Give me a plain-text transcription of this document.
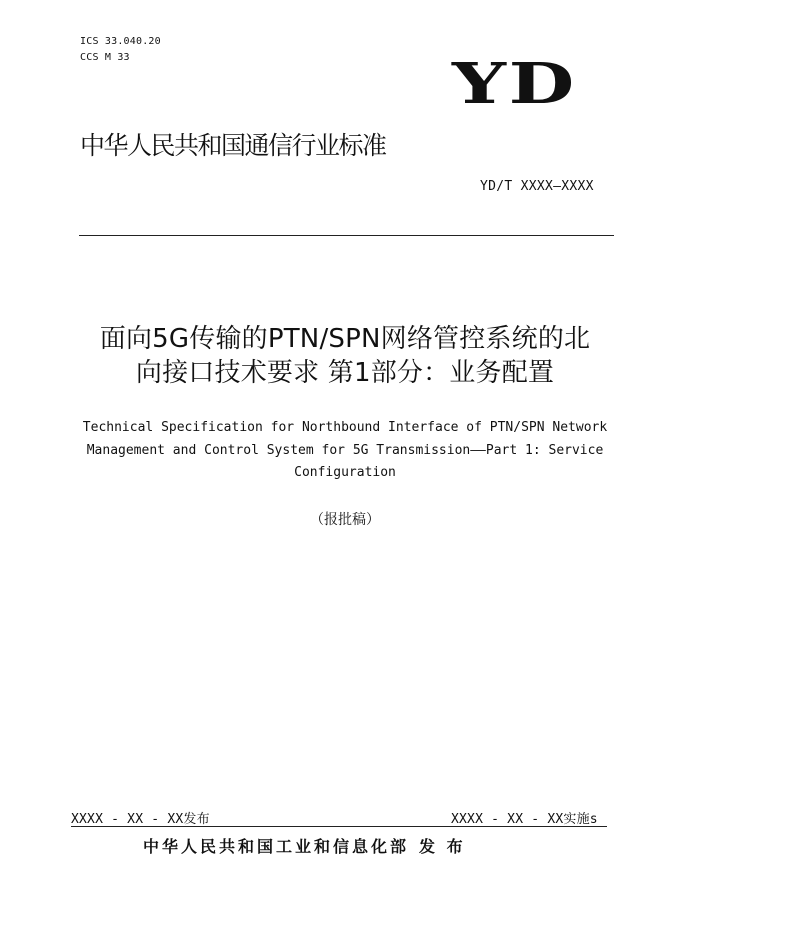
ICS 33.040.20
CCS M 33	YD
中华人民共和国通信行业标准
YD/T XXXX—XXXX
面向5G传输的PTN/SPN网络管控系统的北
向接口技术要求 第1部分：业务配置
Technical Specification for Northbound Interface of PTN/SPN Network
Management and Control System for 5G Transmission——Part 1: Service
Configuration
（报批稿）
XXXX - XX - XX发布	XXXX - XX - XX实施s
中华人民共和国工业和信息化部 发 布
